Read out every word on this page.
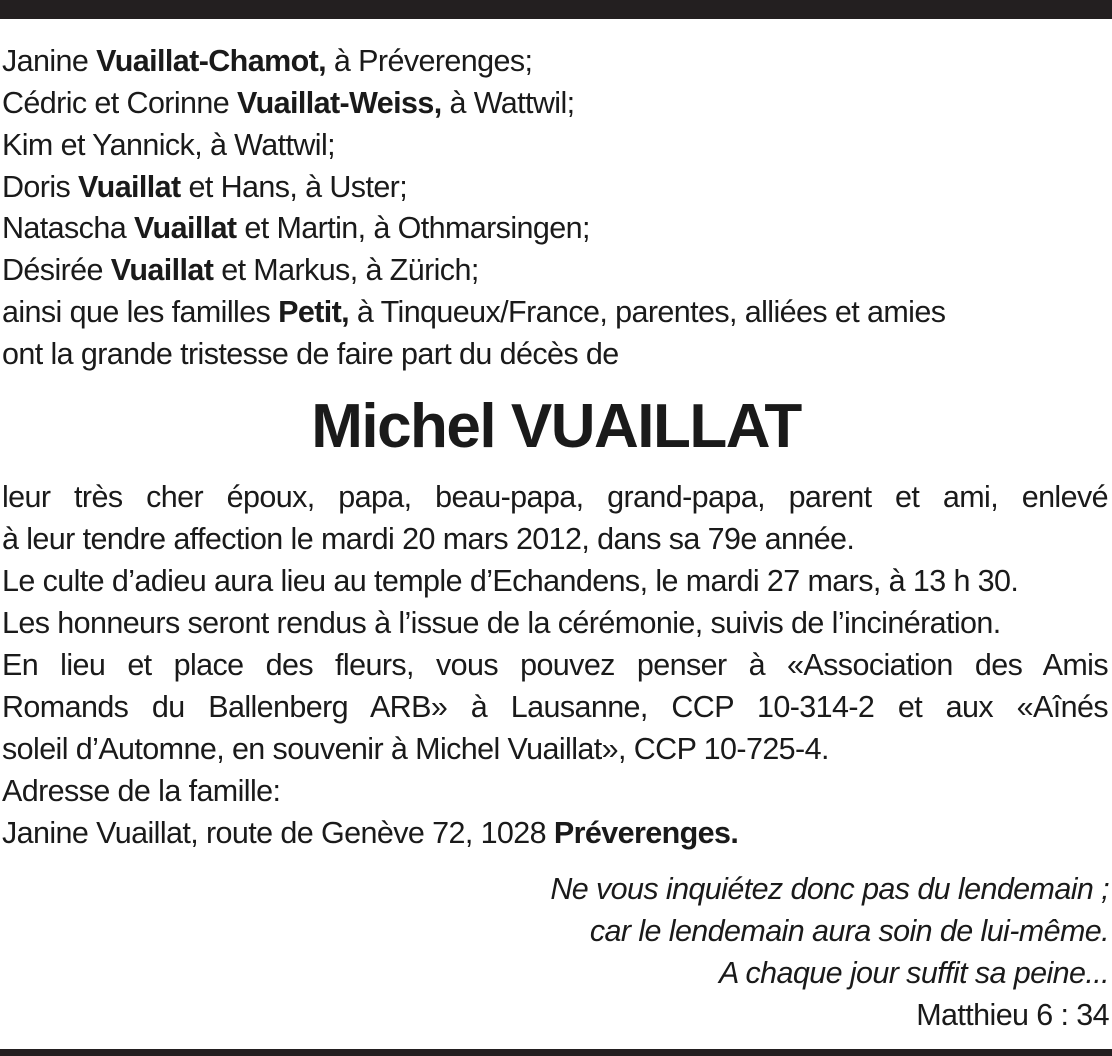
Janine Vuaillat-Chamot, à Préverenges;
Cédric et Corinne Vuaillat-Weiss, à Wattwil;
Kim et Yannick, à Wattwil;
Doris Vuaillat et Hans, à Uster;
Natascha Vuaillat et Martin, à Othmarsingen;
Désirée Vuaillat et Markus, à Zürich;
ainsi que les familles Petit, à Tinqueux/France, parentes, alliées et amies
ont la grande tristesse de faire part du décès de
Michel VUAILLAT
leur très cher époux, papa, beau-papa, grand-papa, parent et ami, enlevé
à leur tendre affection le mardi 20 mars 2012, dans sa 79e année.
Le culte d’adieu aura lieu au temple d’Echandens, le mardi 27 mars, à 13 h 30.
Les honneurs seront rendus à l’issue de la cérémonie, suivis de l’incinération.
En lieu et place des fleurs, vous pouvez penser à «Association des Amis
Romands du Ballenberg ARB» à Lausanne, CCP 10-314-2 et aux «Aînés
soleil d’Automne, en souvenir à Michel Vuaillat», CCP 10-725-4.
Adresse de la famille:
Janine Vuaillat, route de Genève 72, 1028 Préverenges.
Ne vous inquiétez donc pas du lendemain ;
car le lendemain aura soin de lui-même.
A chaque jour suffit sa peine...
Matthieu 6 : 34
